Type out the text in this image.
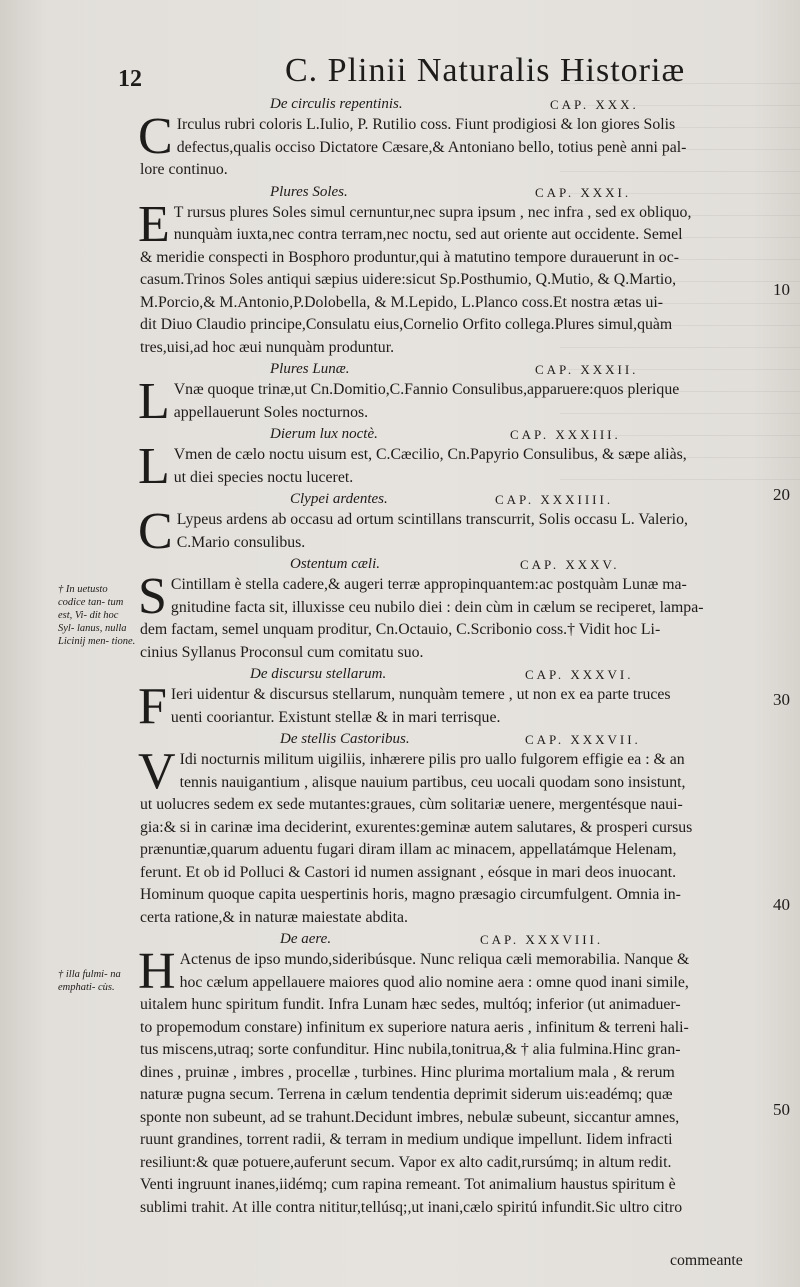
12	C. Plinii Naturalis Historiæ
De circulis repentinis.	CAP. XXX.
C Irculus rubri coloris L.Iulio, P. Rutilio coss. Fiunt prodigiosi & lon giores Solis
defectus,qualis occiso Dictatore Cæsare,& Antoniano bello, totius penè anni pal-
lore continuo.
Plures Soles.	CAP. XXXI.
E T rursus plures Soles simul cernuntur,nec supra ipsum , nec infra , sed ex obliquo,
nunquàm iuxta,nec contra terram,nec noctu, sed aut oriente aut occidente. Semel
& meridie conspecti in Bosphoro produntur,qui à matutino tempore durauerunt in oc-
casum.Trinos Soles antiqui sæpius uidere:sicut Sp.Posthumio, Q.Mutio, & Q.Martio,
M.Porcio,& M.Antonio,P.Dolobella, & M.Lepido, L.Planco coss.Et nostra ætas ui-
dit Diuo Claudio principe,Consulatu eius,Cornelio Orfito collega.Plures simul,quàm
tres,uisi,ad hoc æui nunquàm produntur.
Plures Lunæ.	CAP. XXXII.
L Vnæ quoque trinæ,ut Cn.Domitio,C.Fannio Consulibus,apparuere:quos plerique
appellauerunt Soles nocturnos.
Dierum lux noctè.	CAP. XXXIII.
L Vmen de cælo noctu uisum est, C.Cæcilio, Cn.Papyrio Consulibus, & sæpe aliàs,
ut diei species noctu luceret.
Clypei ardentes.	CAP. XXXIIII.
C Lypeus ardens ab occasu ad ortum scintillans transcurrit, Solis occasu L. Valerio,
C.Mario consulibus.
Ostentum cæli.	CAP. XXXV.
S Cintillam è stella cadere,& augeri terræ appropinquantem:ac postquàm Lunæ ma-
gnitudine facta sit, illuxisse ceu nubilo diei : dein cùm in cælum se reciperet, lampa-
dem factam, semel unquam proditur, Cn.Octauio, C.Scribonio coss.† Vidit hoc Li-
cinius Syllanus Proconsul cum comitatu suo.
De discursu stellarum.	CAP. XXXVI.
F Ieri uidentur & discursus stellarum, nunquàm temere , ut non ex ea parte truces
uenti cooriantur. Existunt stellæ & in mari terrisque.
De stellis Castoribus.	CAP. XXXVII.
V Idi nocturnis militum uigiliis, inhærere pilis pro uallo fulgorem effigie ea : & an
tennis nauigantium , alisque nauium partibus, ceu uocali quodam sono insistunt,
ut uolucres sedem ex sede mutantes:graues, cùm solitariæ uenere, mergentésque naui-
gia:& si in carinæ ima deciderint, exurentes:geminæ autem salutares, & prosperi cursus
prænuntiæ,quarum aduentu fugari diram illam ac minacem, appellatámque Helenam,
ferunt. Et ob id Polluci & Castori id numen assignant , eósque in mari deos inuocant.
Hominum quoque capita uespertinis horis, magno præsagio circumfulgent. Omnia in-
certa ratione,& in naturæ maiestate abdita.
De aere.	CAP. XXXVIII.
H Actenus de ipso mundo,sideribúsque. Nunc reliqua cæli memorabilia. Nanque &
hoc cælum appellauere maiores quod alio nomine aera : omne quod inani simile,
uitalem hunc spiritum fundit. Infra Lunam hæc sedes, multóq; inferior (ut animaduer-
to propemodum constare) infinitum ex superiore natura aeris , infinitum & terreni hali-
tus miscens,utraq; sorte confunditur. Hinc nubila,tonitrua,& † alia fulmina.Hinc gran-
dines , pruinæ , imbres , procellæ , turbines. Hinc plurima mortalium mala , & rerum
naturæ pugna secum. Terrena in cælum tendentia deprimit siderum uis:eadémq; quæ
sponte non subeunt, ad se trahunt.Decidunt imbres, nebulæ subeunt, siccantur amnes,
ruunt grandines, torrent radii, & terram in medium undique impellunt. Iidem infracti
resiliunt:& quæ potuere,auferunt secum. Vapor ex alto cadit,rursúmq; in altum redit.
Venti ingruunt inanes,iidémq; cum rapina remeant. Tot animalium haustus spiritum è
sublimi trahit. At ille contra nititur,tellúsq;,ut inani,cælo spiritú infundit.Sic ultro citro
10
20
30
40
50
† In uetusto codice tan- tum est, Vi- dit hoc Syl- lanus, nulla Licinij men- tione.
† illa fulmi- na emphati- cùs.
commeante
